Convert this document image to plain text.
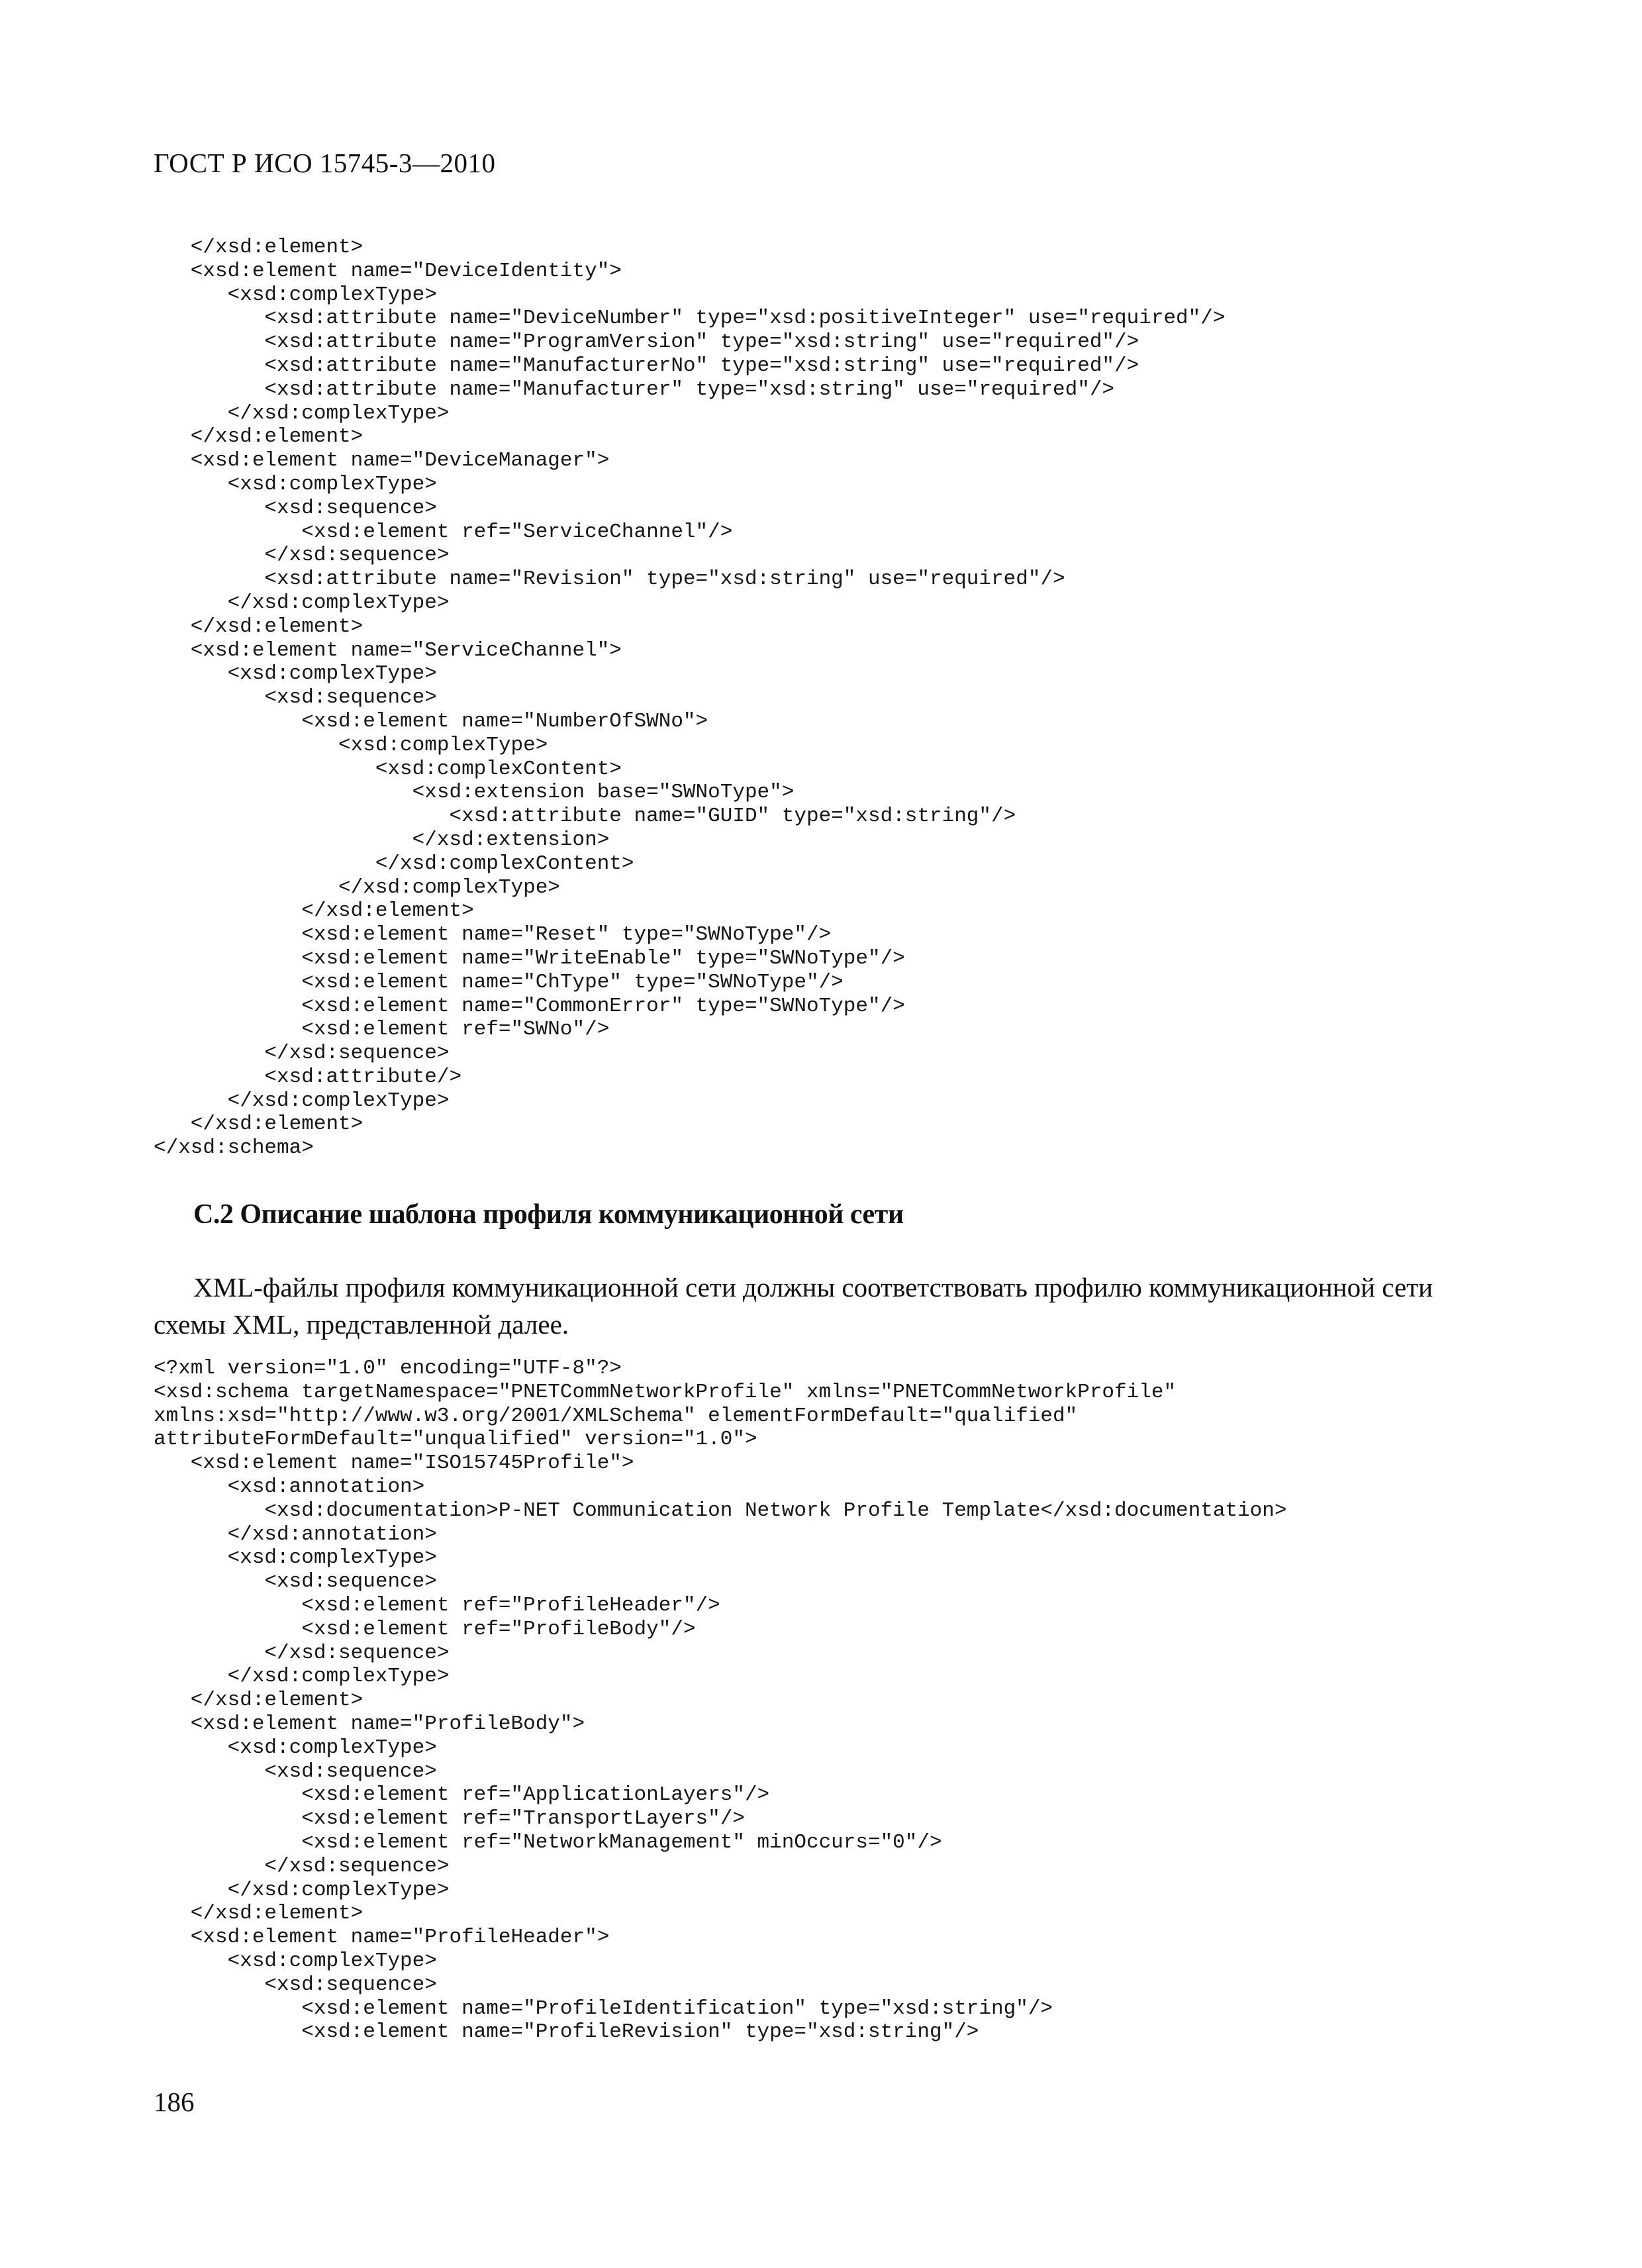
ГОСТ Р ИСО 15745-3—2010
</xsd:element>
<xsd:element name="DeviceIdentity">
<xsd:complexType>
<xsd:attribute name="DeviceNumber" type="xsd:positiveInteger" use="required"/>
<xsd:attribute name="ProgramVersion" type="xsd:string" use="required"/>
<xsd:attribute name="ManufacturerNo" type="xsd:string" use="required"/>
<xsd:attribute name="Manufacturer" type="xsd:string" use="required"/>
</xsd:complexType>
</xsd:element>
<xsd:element name="DeviceManager">
<xsd:complexType>
<xsd:sequence>
<xsd:element ref="ServiceChannel"/>
</xsd:sequence>
<xsd:attribute name="Revision" type="xsd:string" use="required"/>
</xsd:complexType>
</xsd:element>
<xsd:element name="ServiceChannel">
<xsd:complexType>
<xsd:sequence>
<xsd:element name="NumberOfSWNo">
<xsd:complexType>
<xsd:complexContent>
<xsd:extension base="SWNoType">
<xsd:attribute name="GUID" type="xsd:string"/>
</xsd:extension>
</xsd:complexContent>
</xsd:complexType>
</xsd:element>
<xsd:element name="Reset" type="SWNoType"/>
<xsd:element name="WriteEnable" type="SWNoType"/>
<xsd:element name="ChType" type="SWNoType"/>
<xsd:element name="CommonError" type="SWNoType"/>
<xsd:element ref="SWNo"/>
</xsd:sequence>
<xsd:attribute/>
</xsd:complexType>
</xsd:element>
</xsd:schema>
C.2 Описание шаблона профиля коммуникационной сети

XML-файлы профиля коммуникационной сети должны соответствовать профилю коммуникационной сети схемы XML, представленной далее.

<?xml version="1.0" encoding="UTF-8"?>
<xsd:schema targetNamespace="PNETCommNetworkProfile" xmlns="PNETCommNetworkProfile"
xmlns:xsd="http://www.w3.org/2001/XMLSchema" elementFormDefault="qualified"
attributeFormDefault="unqualified" version="1.0">
<xsd:element name="ISO15745Profile">
<xsd:annotation>
<xsd:documentation>P-NET Communication Network Profile Template</xsd:documentation>
</xsd:annotation>
<xsd:complexType>
<xsd:sequence>
<xsd:element ref="ProfileHeader"/>
<xsd:element ref="ProfileBody"/>
</xsd:sequence>
</xsd:complexType>
</xsd:element>
<xsd:element name="ProfileBody">
<xsd:complexType>
<xsd:sequence>
<xsd:element ref="ApplicationLayers"/>
<xsd:element ref="TransportLayers"/>
<xsd:element ref="NetworkManagement" minOccurs="0"/>
</xsd:sequence>
</xsd:complexType>
</xsd:element>
<xsd:element name="ProfileHeader">
<xsd:complexType>
<xsd:sequence>
<xsd:element name="ProfileIdentification" type="xsd:string"/>
<xsd:element name="ProfileRevision" type="xsd:string"/>
186
